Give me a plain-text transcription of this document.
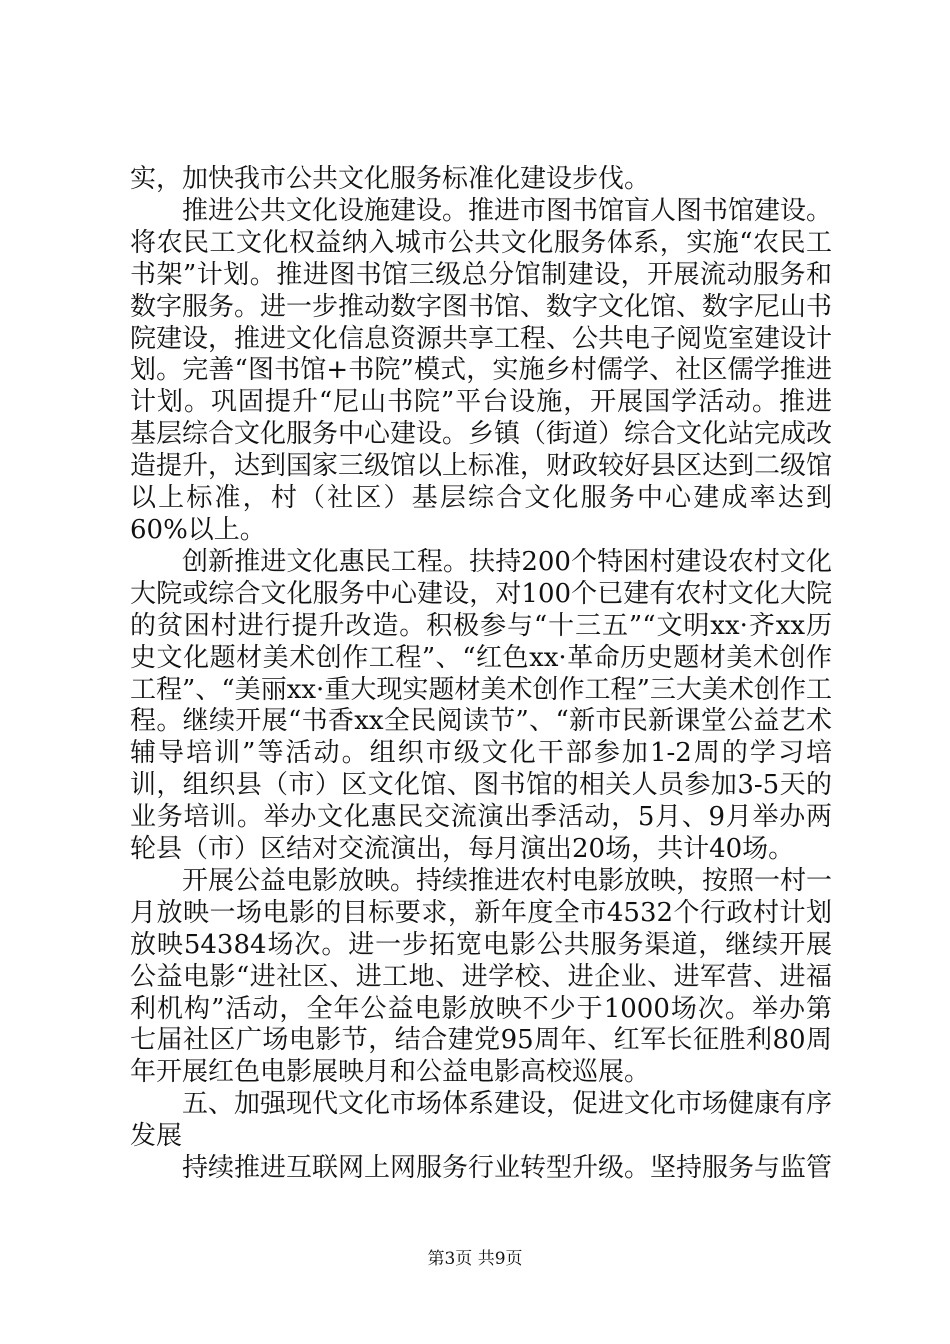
实，加快我市公共文化服务标准化建设步伐。

推进公共文化设施建设。推进市图书馆盲人图书馆建设。将农民工文化权益纳入城市公共文化服务体系，实施“农民工书架”计划。推进图书馆三级总分馆制建设，开展流动服务和数字服务。进一步推动数字图书馆、数字文化馆、数字尼山书院建设，推进文化信息资源共享工程、公共电子阅览室建设计划。完善“图书馆+书院”模式，实施乡村儒学、社区儒学推进计划。巩固提升“尼山书院”平台设施，开展国学活动。推进基层综合文化服务中心建设。乡镇（街道）综合文化站完成改造提升，达到国家三级馆以上标准，财政较好县区达到二级馆以上标准，村（社区）基层综合文化服务中心建成率达到60%以上。

创新推进文化惠民工程。扶持200个特困村建设农村文化大院或综合文化服务中心建设，对100个已建有农村文化大院的贫困村进行提升改造。积极参与“十三五”“文明xx·齐xx历史文化题材美术创作工程”、“红色xx·革命历史题材美术创作工程”、“美丽xx·重大现实题材美术创作工程”三大美术创作工程。继续开展“书香xx全民阅读节”、“新市民新课堂公益艺术辅导培训”等活动。组织市级文化干部参加1-2周的学习培训，组织县（市）区文化馆、图书馆的相关人员参加3-5天的业务培训。举办文化惠民交流演出季活动，5月、9月举办两轮县（市）区结对交流演出，每月演出20场，共计40场。

开展公益电影放映。持续推进农村电影放映，按照一村一月放映一场电影的目标要求，新年度全市4532个行政村计划放映54384场次。进一步拓宽电影公共服务渠道，继续开展公益电影“进社区、进工地、进学校、进企业、进军营、进福利机构”活动，全年公益电影放映不少于1000场次。举办第七届社区广场电影节，结合建党95周年、红军长征胜利80周年开展红色电影展映月和公益电影高校巡展。

五、加强现代文化市场体系建设，促进文化市场健康有序发展

持续推进互联网上网服务行业转型升级。坚持服务与监管

第3页 共9页
